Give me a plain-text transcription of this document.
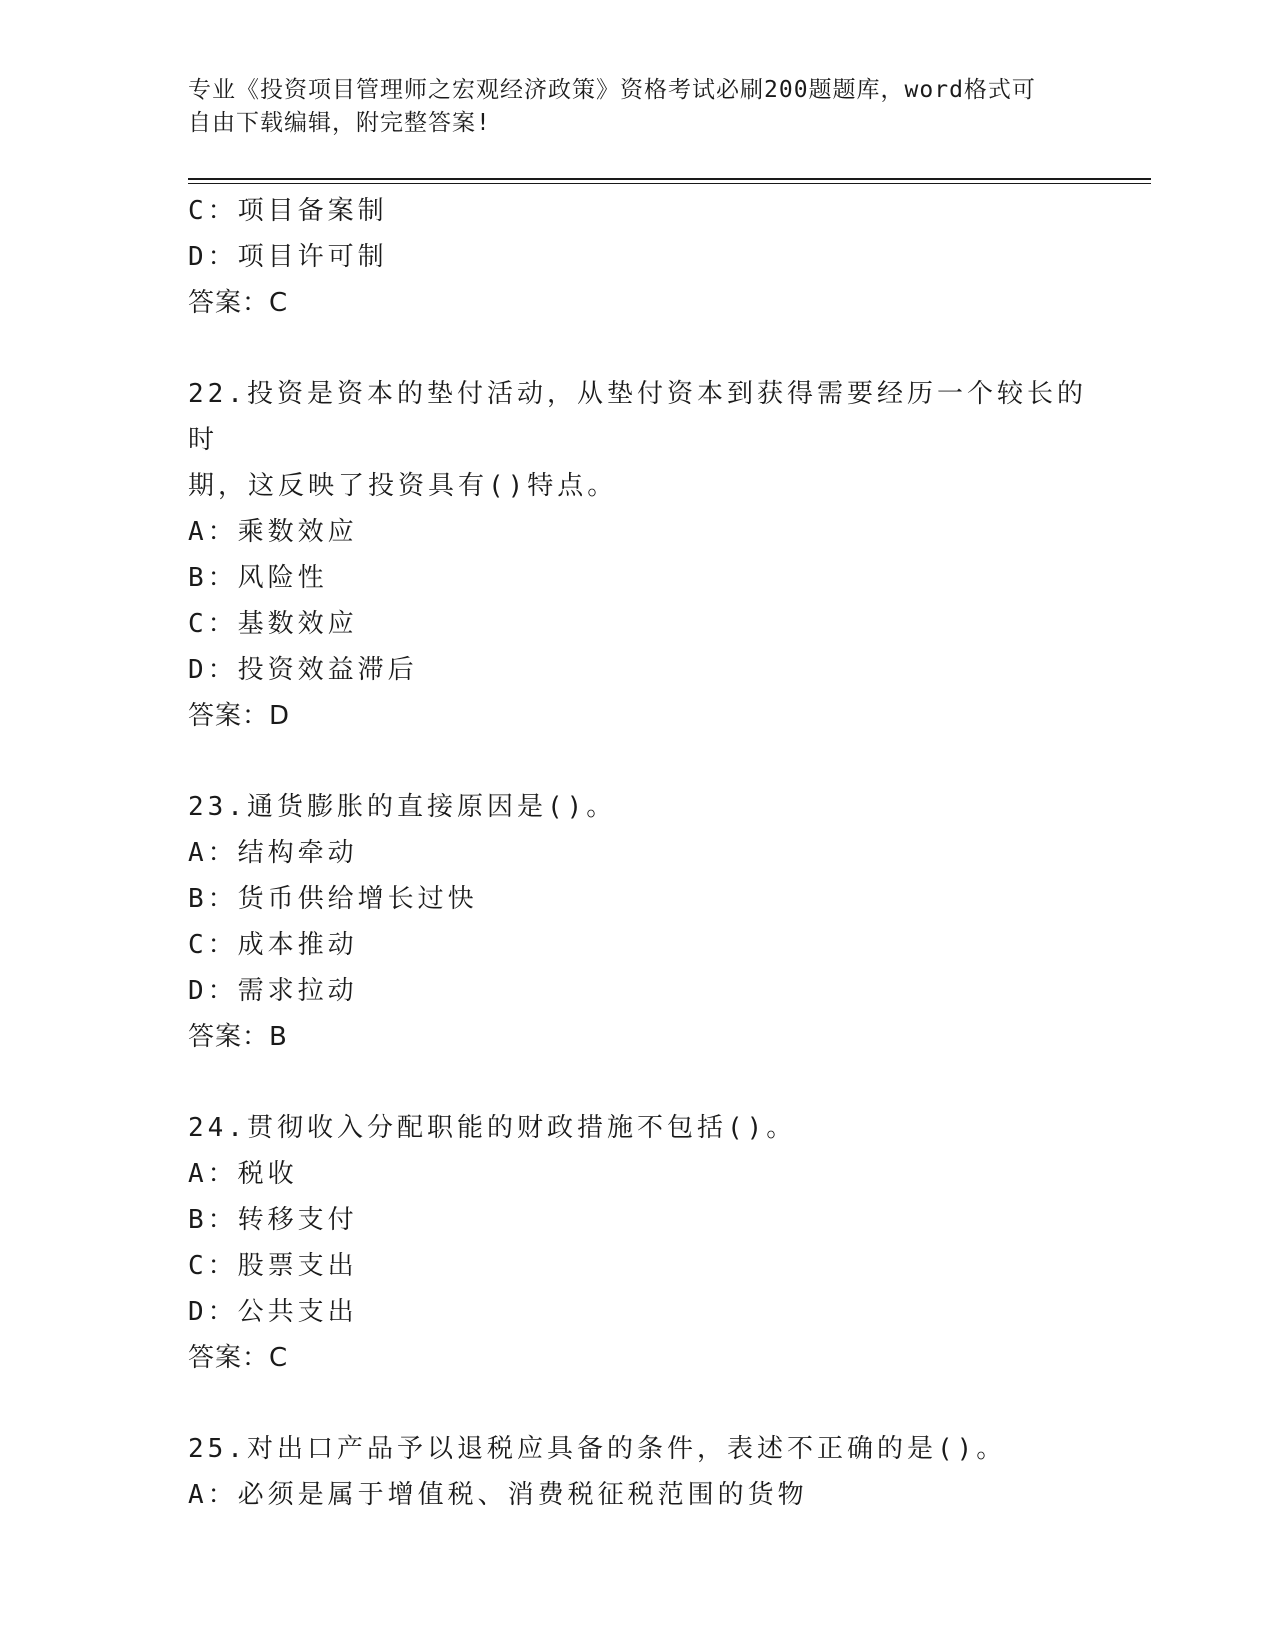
专业《投资项目管理师之宏观经济政策》资格考试必刷200题题库，word格式可
自由下载编辑，附完整答案!
C：项目备案制
D：项目许可制
答案：C
22.投资是资本的垫付活动，从垫付资本到获得需要经历一个较长的时
期，这反映了投资具有()特点。
A：乘数效应
B：风险性
C：基数效应
D：投资效益滞后
答案：D
23.通货膨胀的直接原因是()。
A：结构牵动
B：货币供给增长过快
C：成本推动
D：需求拉动
答案：B
24.贯彻收入分配职能的财政措施不包括()。
A：税收
B：转移支付
C：股票支出
D：公共支出
答案：C
25.对出口产品予以退税应具备的条件，表述不正确的是()。
A：必须是属于增值税、消费税征税范围的货物
